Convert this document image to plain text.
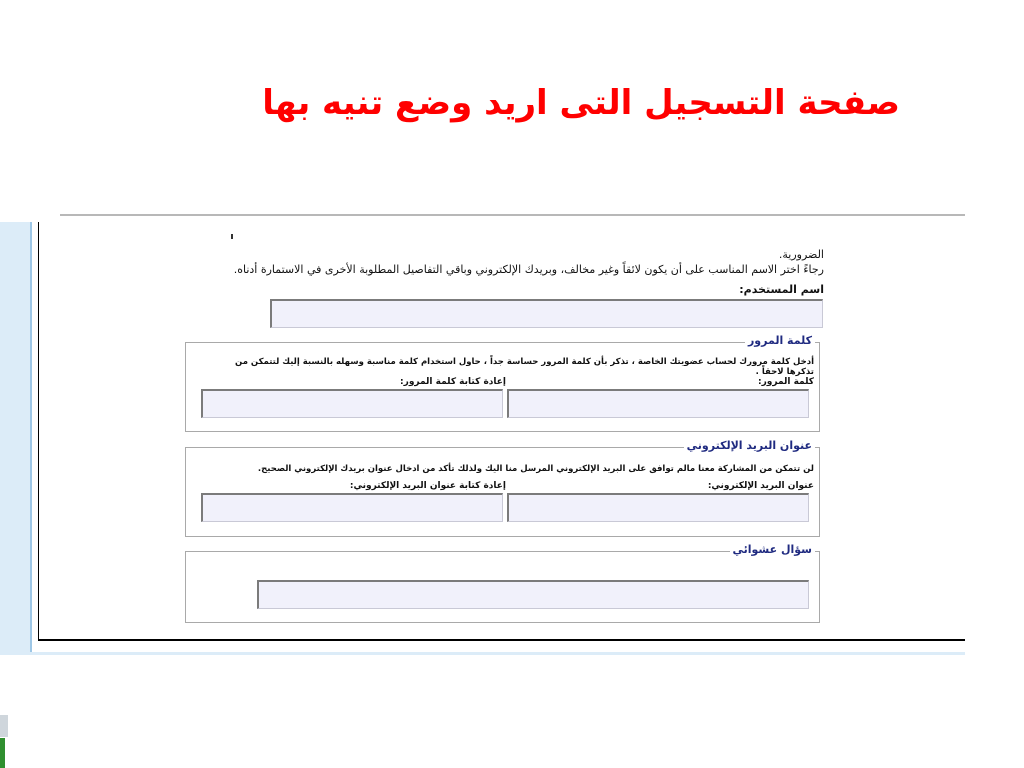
صفحة التسجيل التى اريد وضع تنيه بها
الضرورية.
رجاءً اختر الاسم المناسب على أن يكون لائقاً وغير مخالف، وبريدك الإلكتروني وباقي التفاصيل المطلوبة الأخرى في الاستمارة أدناه.
اسم المستخدم:
كلمة المرور
أدخل كلمة مرورك لحساب عضويتك الخاصة ، تذكر بأن كلمة المرور حساسة جداً ، حاول استخدام كلمة مناسبة وسهله بالنسبة إليك لتتمكن من تذكرها لاحقاً .
كلمة المرور:
إعادة كتابة كلمة المرور:
عنوان البريد الإلكتروني
لن تتمكن من المشاركة معنا مالم توافق على البريد الإلكتروني المرسل منا اليك ولذلك تأكد من ادخال عنوان بريدك الإلكتروني الصحيح.
عنوان البريد الإلكتروني:
إعادة كتابة عنوان البريد الإلكتروني:
سؤال عشوائي
